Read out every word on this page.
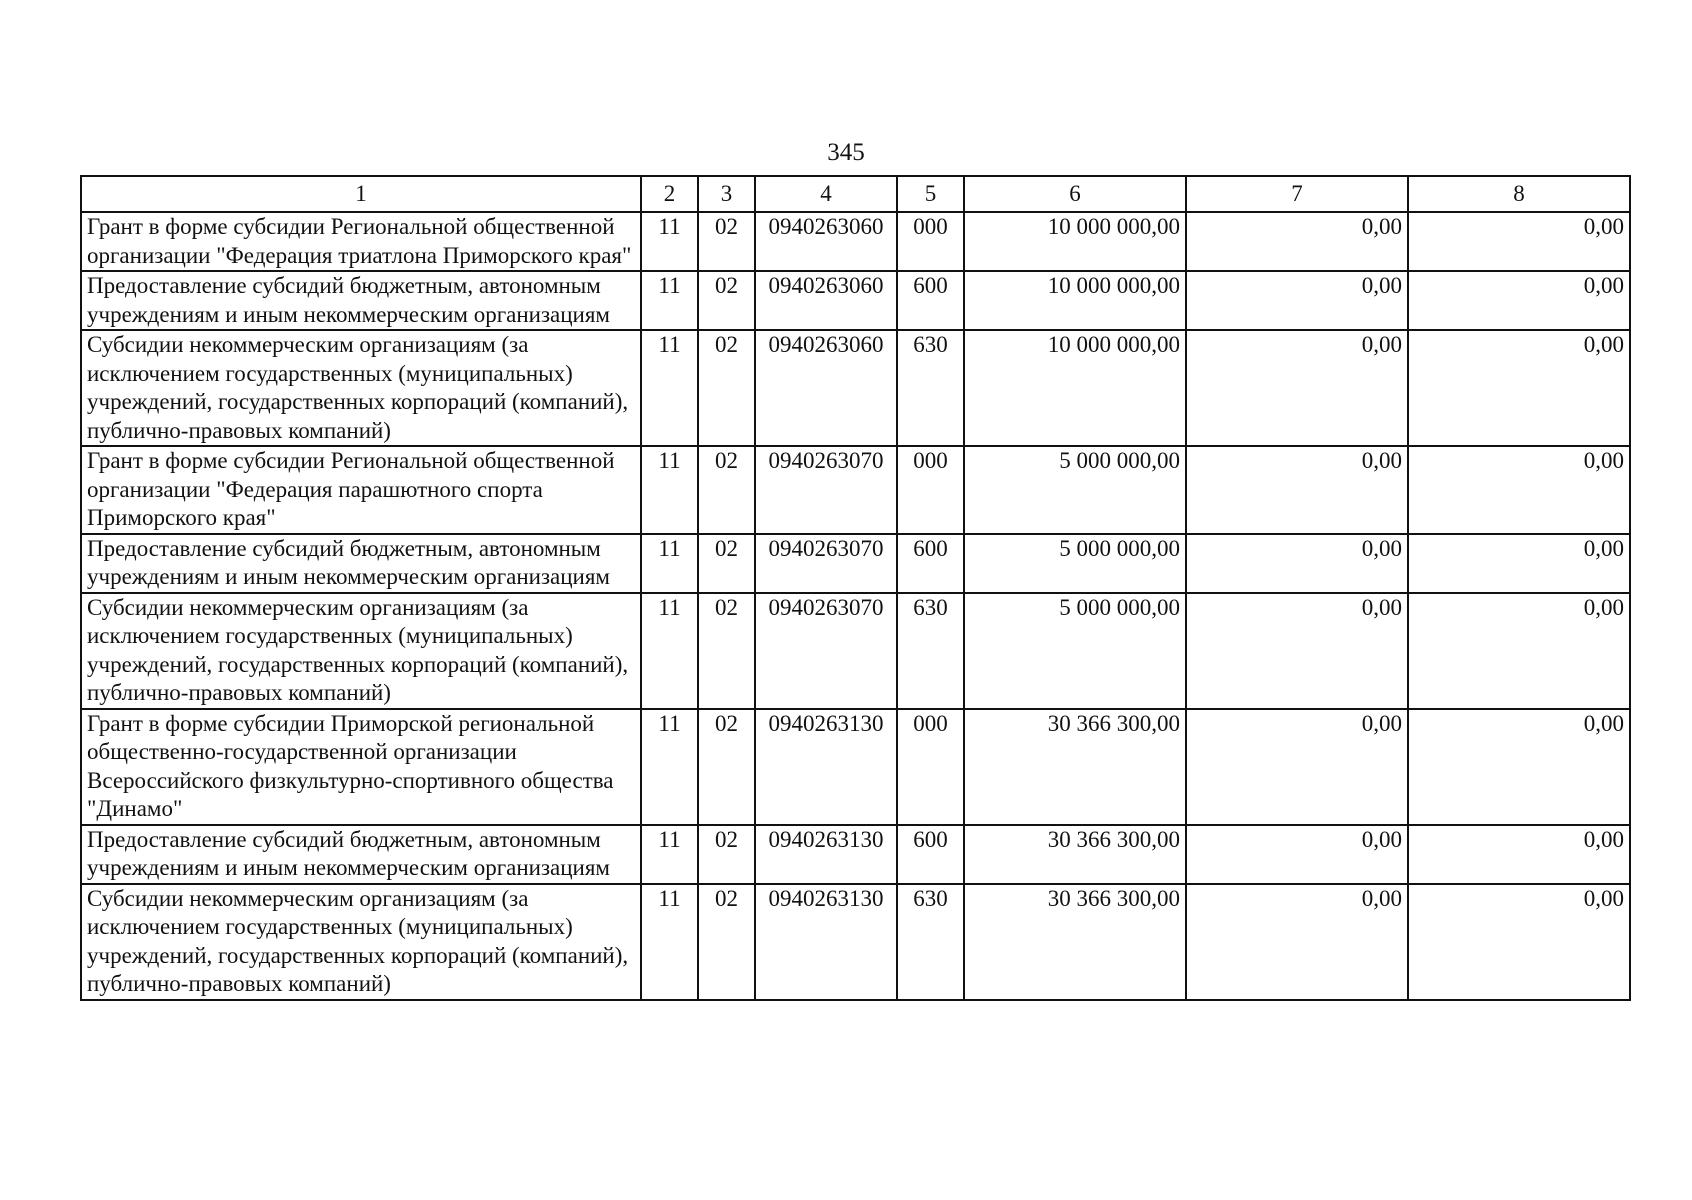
345
1	2	3	4	5	6	7	8
Грант в форме субсидии Региональной общественной организации "Федерация триатлона Приморского края"	11	02	0940263060	000	10 000 000,00	0,00	0,00
Предоставление субсидий бюджетным, автономным учреждениям и иным некоммерческим организациям	11	02	0940263060	600	10 000 000,00	0,00	0,00
Субсидии некоммерческим организациям (за исключением государственных (муниципальных) учреждений, государственных корпораций (компаний), публично-правовых компаний)	11	02	0940263060	630	10 000 000,00	0,00	0,00
Грант в форме субсидии Региональной общественной организации "Федерация парашютного спорта Приморского края"	11	02	0940263070	000	5 000 000,00	0,00	0,00
Предоставление субсидий бюджетным, автономным учреждениям и иным некоммерческим организациям	11	02	0940263070	600	5 000 000,00	0,00	0,00
Субсидии некоммерческим организациям (за исключением государственных (муниципальных) учреждений, государственных корпораций (компаний), публично-правовых компаний)	11	02	0940263070	630	5 000 000,00	0,00	0,00
Грант в форме субсидии Приморской региональной общественно-государственной организации Всероссийского физкультурно-спортивного общества "Динамо"	11	02	0940263130	000	30 366 300,00	0,00	0,00
Предоставление субсидий бюджетным, автономным учреждениям и иным некоммерческим организациям	11	02	0940263130	600	30 366 300,00	0,00	0,00
Субсидии некоммерческим организациям (за исключением государственных (муниципальных) учреждений, государственных корпораций (компаний), публично-правовых компаний)	11	02	0940263130	630	30 366 300,00	0,00	0,00
